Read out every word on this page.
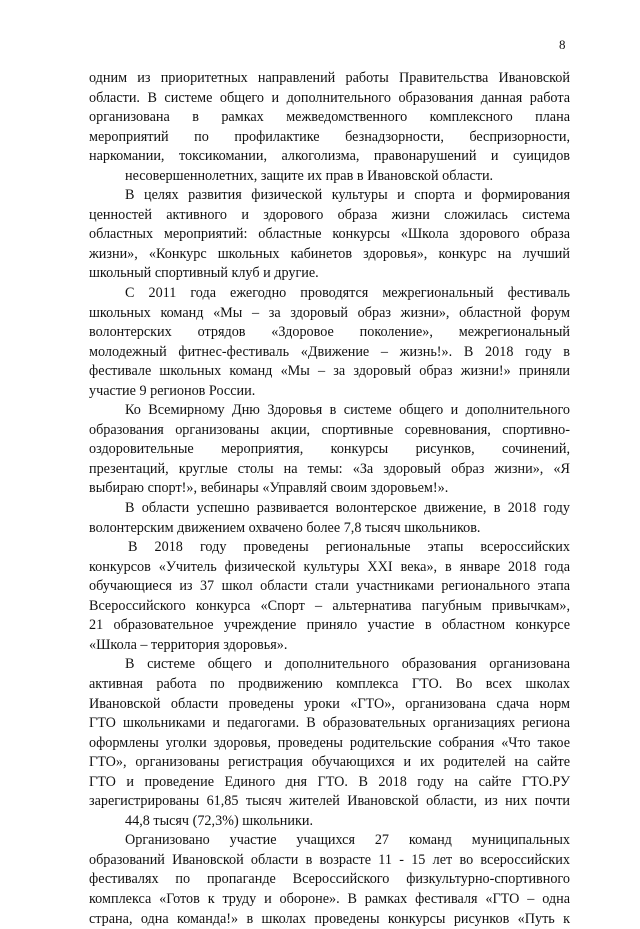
8

одним из приоритетных направлений работы Правительства Ивановской
области. В системе общего и дополнительного образования данная работа
организована в рамках межведомственного комплексного плана
мероприятий по профилактике безнадзорности, беспризорности,
наркомании, токсикомании, алкоголизма, правонарушений и суицидов
несовершеннолетних, защите их прав в Ивановской области.

В целях развития физической культуры и спорта и формирования
ценностей активного и здорового образа жизни сложилась система
областных мероприятий: областные конкурсы «Школа здорового образа
жизни», «Конкурс школьных кабинетов здоровья», конкурс на лучший
школьный спортивный клуб и другие.

С 2011 года ежегодно проводятся межрегиональный фестиваль
школьных команд «Мы – за здоровый образ жизни», областной форум
волонтерских отрядов «Здоровое поколение», межрегиональный
молодежный фитнес-фестиваль «Движение – жизнь!». В 2018 году в
фестивале школьных команд «Мы – за здоровый образ жизни!» приняли
участие 9 регионов России.

Ко Всемирному Дню Здоровья в системе общего и дополнительного
образования организованы акции, спортивные соревнования, спортивно-
оздоровительные мероприятия, конкурсы рисунков, сочинений,
презентаций, круглые столы на темы: «За здоровый образ жизни», «Я
выбираю спорт!», вебинары «Управляй своим здоровьем!».

В области успешно развивается волонтерское движение, в 2018 году
волонтерским движением охвачено более 7,8 тысяч школьников.

В 2018 году проведены региональные этапы всероссийских
конкурсов «Учитель физической культуры XXI века», в январе 2018 года
обучающиеся из 37 школ области стали участниками регионального этапа
Всероссийского конкурса «Спорт – альтернатива пагубным привычкам»,
21 образовательное учреждение приняло участие в областном конкурсе
«Школа – территория здоровья».

В системе общего и дополнительного образования организована
активная работа по продвижению комплекса ГТО. Во всех школах
Ивановской области проведены уроки «ГТО», организована сдача норм
ГТО школьниками и педагогами. В образовательных организациях региона
оформлены уголки здоровья, проведены родительские собрания «Что такое
ГТО», организованы регистрация обучающихся и их родителей на сайте
ГТО и проведение Единого дня ГТО. В 2018 году на сайте ГТО.РУ
зарегистрированы 61,85 тысяч жителей Ивановской области, из них почти
44,8 тысяч (72,3%) школьники.

Организовано участие учащихся 27 команд муниципальных
образований Ивановской области в возрасте 11 - 15 лет во всероссийских
фестивалях по пропаганде Всероссийского физкультурно-спортивного
комплекса «Готов к труду и обороне». В рамках фестиваля «ГТО – одна
страна, одна команда!» в школах проведены конкурсы рисунков «Путь к
